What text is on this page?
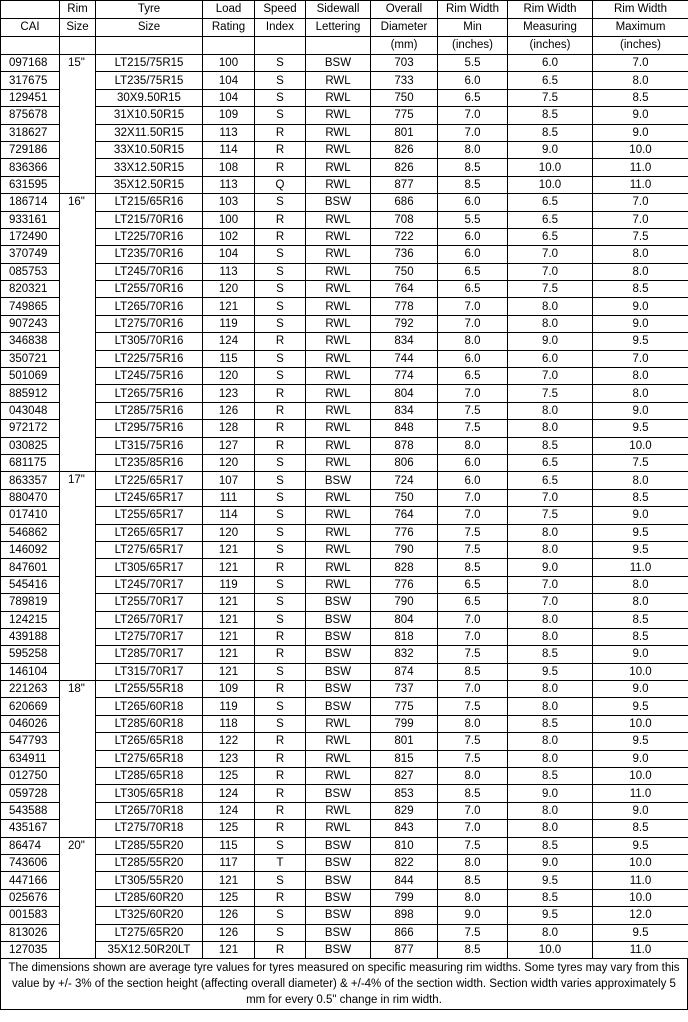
	Rim	Tyre	Load	Speed	Sidewall	Overall	Rim Width	Rim Width	Rim Width
CAI	Size	Size	Rating	Index	Lettering	Diameter	Min	Measuring	Maximum
						(mm)	(inches)	(inches)	(inches)
097168	15"	LT215/75R15	100	S	BSW	703	5.5	6.0	7.0
317675		LT235/75R15	104	S	RWL	733	6.0	6.5	8.0
129451		30X9.50R15	104	S	RWL	750	6.5	7.5	8.5
875678		31X10.50R15	109	S	RWL	775	7.0	8.5	9.0
318627		32X11.50R15	113	R	RWL	801	7.0	8.5	9.0
729186		33X10.50R15	114	R	RWL	826	8.0	9.0	10.0
836366		33X12.50R15	108	R	RWL	826	8.5	10.0	11.0
631595		35X12.50R15	113	Q	RWL	877	8.5	10.0	11.0
186714	16"	LT215/65R16	103	S	BSW	686	6.0	6.5	7.0
933161		LT215/70R16	100	R	RWL	708	5.5	6.5	7.0
172490		LT225/70R16	102	R	RWL	722	6.0	6.5	7.5
370749		LT235/70R16	104	S	RWL	736	6.0	7.0	8.0
085753		LT245/70R16	113	S	RWL	750	6.5	7.0	8.0
820321		LT255/70R16	120	S	RWL	764	6.5	7.5	8.5
749865		LT265/70R16	121	S	RWL	778	7.0	8.0	9.0
907243		LT275/70R16	119	S	RWL	792	7.0	8.0	9.0
346838		LT305/70R16	124	R	RWL	834	8.0	9.0	9.5
350721		LT225/75R16	115	S	RWL	744	6.0	6.0	7.0
501069		LT245/75R16	120	S	RWL	774	6.5	7.0	8.0
885912		LT265/75R16	123	R	RWL	804	7.0	7.5	8.0
043048		LT285/75R16	126	R	RWL	834	7.5	8.0	9.0
972172		LT295/75R16	128	R	RWL	848	7.5	8.0	9.5
030825		LT315/75R16	127	R	RWL	878	8.0	8.5	10.0
681175		LT235/85R16	120	S	RWL	806	6.0	6.5	7.5
863357	17"	LT225/65R17	107	S	BSW	724	6.0	6.5	8.0
880470		LT245/65R17	111	S	RWL	750	7.0	7.0	8.5
017410		LT255/65R17	114	S	RWL	764	7.0	7.5	9.0
546862		LT265/65R17	120	S	RWL	776	7.5	8.0	9.5
146092		LT275/65R17	121	S	RWL	790	7.5	8.0	9.5
847601		LT305/65R17	121	R	RWL	828	8.5	9.0	11.0
545416		LT245/70R17	119	S	RWL	776	6.5	7.0	8.0
789819		LT255/70R17	121	S	BSW	790	6.5	7.0	8.0
124215		LT265/70R17	121	S	BSW	804	7.0	8.0	8.5
439188		LT275/70R17	121	R	BSW	818	7.0	8.0	8.5
595258		LT285/70R17	121	R	BSW	832	7.5	8.5	9.0
146104		LT315/70R17	121	S	BSW	874	8.5	9.5	10.0
221263	18"	LT255/55R18	109	R	BSW	737	7.0	8.0	9.0
620669		LT265/60R18	119	S	BSW	775	7.5	8.0	9.5
046026		LT285/60R18	118	S	RWL	799	8.0	8.5	10.0
547793		LT265/65R18	122	R	RWL	801	7.5	8.0	9.5
634911		LT275/65R18	123	R	RWL	815	7.5	8.0	9.0
012750		LT285/65R18	125	R	RWL	827	8.0	8.5	10.0
059728		LT305/65R18	124	R	BSW	853	8.5	9.0	11.0
543588		LT265/70R18	124	R	RWL	829	7.0	8.0	9.0
435167		LT275/70R18	125	R	RWL	843	7.0	8.0	8.5
86474	20"	LT285/55R20	115	S	BSW	810	7.5	8.5	9.5
743606		LT285/55R20	117	T	BSW	822	8.0	9.0	10.0
447166		LT305/55R20	121	S	BSW	844	8.5	9.5	11.0
025676		LT285/60R20	125	R	BSW	799	8.0	8.5	10.0
001583		LT325/60R20	126	S	BSW	898	9.0	9.5	12.0
813026		LT275/65R20	126	S	BSW	866	7.5	8.0	9.5
127035		35X12.50R20LT	121	R	BSW	877	8.5	10.0	11.0
The dimensions shown are average tyre values for tyres measured on specific measuring rim widths. Some tyres may vary from this value by +/- 3% of the section height (affecting overall diameter) & +/-4% of the section width. Section width varies approximately 5 mm for every 0.5" change in rim width.
